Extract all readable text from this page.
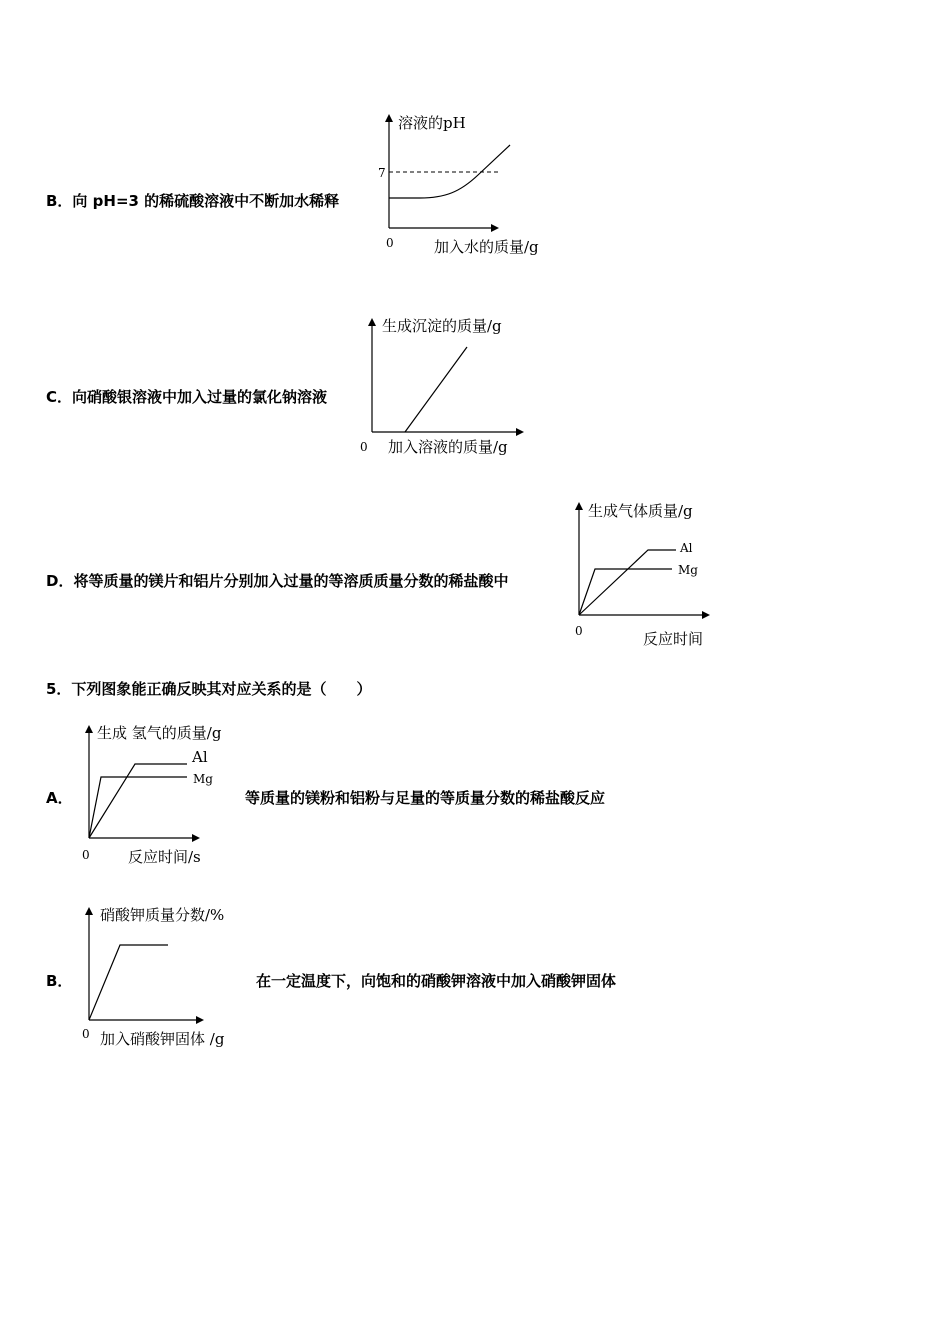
B．向 pH=3 的稀硫酸溶液中不断加水稀释
溶液的pH
7
0	加入水的质量/g
C．向硝酸银溶液中加入过量的氯化钠溶液
生成沉淀的质量/g
0 加入溶液的质量/g
D．将等质量的镁片和铝片分别加入过量的等溶质质量分数的稀盐酸中
生成气体质量/g
Al
Mg
0	反应时间
5．下列图象能正确反映其对应关系的是（　　）
A．
生成 氢气的质量/g
Al
Mg
0	反应时间/s
等质量的镁粉和铝粉与足量的等质量分数的稀盐酸反应
B．
硝酸钾质量分数/%
0 加入硝酸钾固体 /g
在一定温度下，向饱和的硝酸钾溶液中加入硝酸钾固体
